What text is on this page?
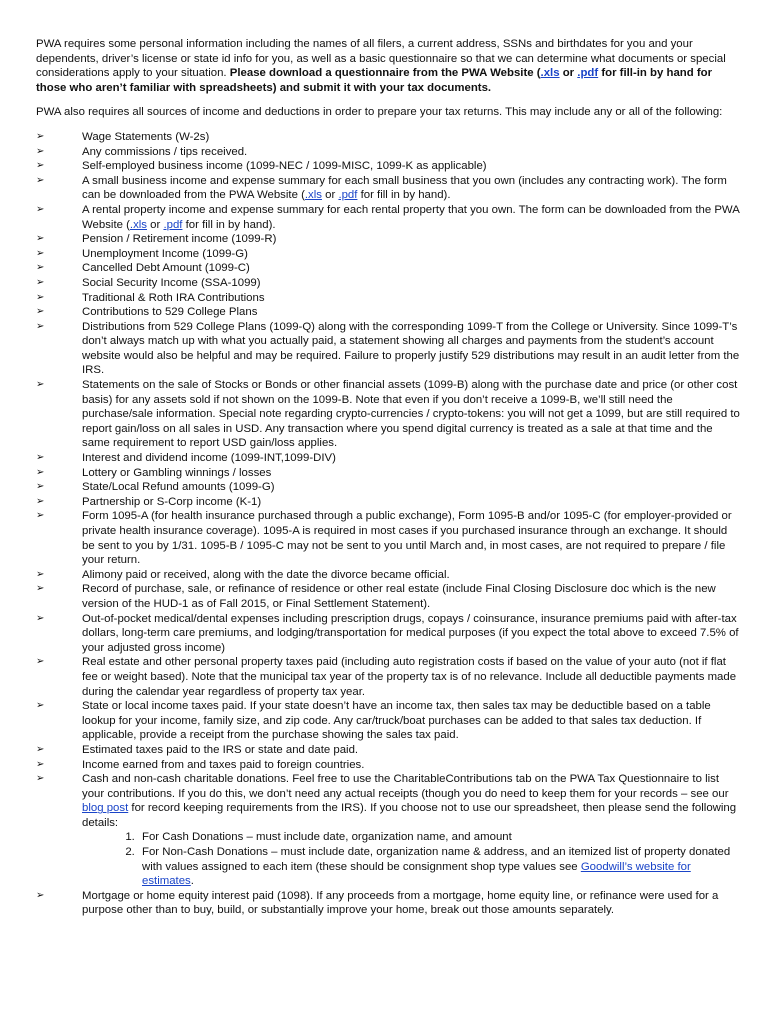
PWA requires some personal information including the names of all filers, a current address, SSNs and birthdates for you and your dependents, driver’s license or state id info for you, as well as a basic questionnaire so that we can determine what documents or special considerations apply to your situation. Please download a questionnaire from the PWA Website (.xls or .pdf for fill-in by hand for those who aren’t familiar with spreadsheets) and submit it with your tax documents.

PWA also requires all sources of income and deductions in order to prepare your tax returns. This may include any or all of the following:

➢	Wage Statements (W-2s)
➢	Any commissions / tips received.
➢	Self-employed business income (1099-NEC / 1099-MISC, 1099-K as applicable)
➢	A small business income and expense summary for each small business that you own (includes any contracting work). The form can be downloaded from the PWA Website (.xls or .pdf for fill in by hand).
➢	A rental property income and expense summary for each rental property that you own. The form can be downloaded from the PWA Website (.xls or .pdf for fill in by hand).
➢	Pension / Retirement income (1099-R)
➢	Unemployment Income (1099-G)
➢	Cancelled Debt Amount (1099-C)
➢	Social Security Income (SSA-1099)
➢	Traditional & Roth IRA Contributions
➢	Contributions to 529 College Plans
➢	Distributions from 529 College Plans (1099-Q) along with the corresponding 1099-T from the College or University. Since 1099-T’s don’t always match up with what you actually paid, a statement showing all charges and payments from the student’s account website would also be helpful and may be required. Failure to properly justify 529 distributions may result in an audit letter from the IRS.
➢	Statements on the sale of Stocks or Bonds or other financial assets (1099-B) along with the purchase date and price (or other cost basis) for any assets sold if not shown on the 1099-B. Note that even if you don’t receive a 1099-B, we’ll still need the purchase/sale information. Special note regarding crypto-currencies / crypto-tokens: you will not get a 1099, but are still required to report gain/loss on all sales in USD. Any transaction where you spend digital currency is treated as a sale at that time and the same requirement to report USD gain/loss applies.
➢	Interest and dividend income (1099-INT,1099-DIV)
➢	Lottery or Gambling winnings / losses
➢	State/Local Refund amounts (1099-G)
➢	Partnership or S-Corp income (K-1)
➢	Form 1095-A (for health insurance purchased through a public exchange), Form 1095-B and/or 1095-C (for employer-provided or private health insurance coverage). 1095-A is required in most cases if you purchased insurance through an exchange. It should be sent to you by 1/31. 1095-B / 1095-C may not be sent to you until March and, in most cases, are not required to prepare / file your return.
➢	Alimony paid or received, along with the date the divorce became official.
➢	Record of purchase, sale, or refinance of residence or other real estate (include Final Closing Disclosure doc which is the new version of the HUD-1 as of Fall 2015, or Final Settlement Statement).
➢	Out-of-pocket medical/dental expenses including prescription drugs, copays / coinsurance, insurance premiums paid with after-tax dollars, long-term care premiums, and lodging/transportation for medical purposes (if you expect the total above to exceed 7.5% of your adjusted gross income)
➢	Real estate and other personal property taxes paid (including auto registration costs if based on the value of your auto (not if flat fee or weight based). Note that the municipal tax year of the property tax is of no relevance. Include all deductible payments made during the calendar year regardless of property tax year.
➢	State or local income taxes paid. If your state doesn’t have an income tax, then sales tax may be deductible based on a table lookup for your income, family size, and zip code. Any car/truck/boat purchases can be added to that sales tax deduction. If applicable, provide a receipt from the purchase showing the sales tax paid.
➢	Estimated taxes paid to the IRS or state and date paid.
➢	Income earned from and taxes paid to foreign countries.
➢	Cash and non-cash charitable donations. Feel free to use the CharitableContributions tab on the PWA Tax Questionnaire to list your contributions. If you do this, we don’t need any actual receipts (though you do need to keep them for your records – see our blog post for record keeping requirements from the IRS). If you choose not to use our spreadsheet, then please send the following details:
1. For Cash Donations – must include date, organization name, and amount
2. For Non-Cash Donations – must include date, organization name & address, and an itemized list of property donated with values assigned to each item (these should be consignment shop type values see Goodwill’s website for estimates.
➢	Mortgage or home equity interest paid (1098). If any proceeds from a mortgage, home equity line, or refinance were used for a purpose other than to buy, build, or substantially improve your home, break out those amounts separately.
